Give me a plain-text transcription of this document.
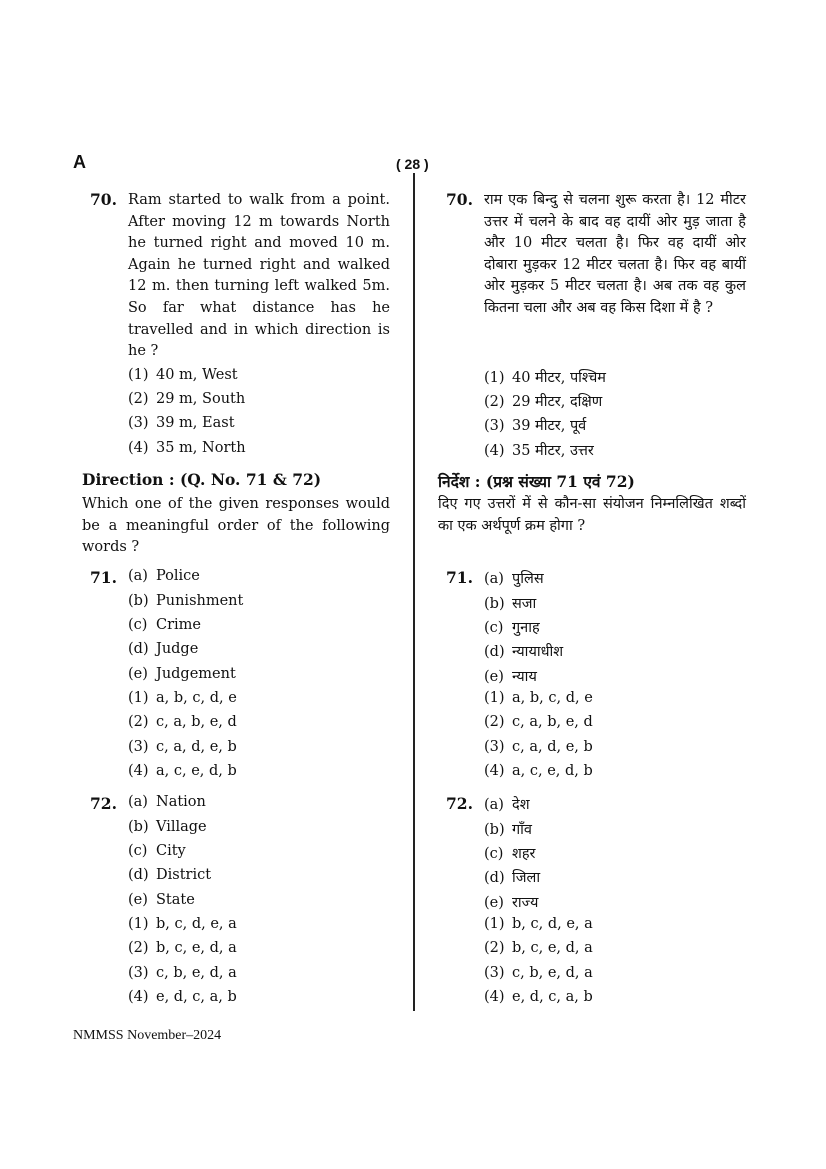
A	( 28 )
70. Ram started to walk from a point. After moving 12 m towards North he turned right and moved 10 m. Again he turned right and walked 12 m. then turning left walked 5m. So far what distance has he travelled and in which direction is he ?
(1) 40 m, West
(2) 29 m, South
(3) 39 m, East
(4) 35 m, North
Direction : (Q. No. 71 & 72)
Which one of the given responses would be a meaningful order of the following words ?
71. (a) Police
(b) Punishment
(c) Crime
(d) Judge
(e) Judgement
(1) a, b, c, d, e
(2) c, a, b, e, d
(3) c, a, d, e, b
(4) a, c, e, d, b
72. (a) Nation
(b) Village
(c) City
(d) District
(e) State
(1) b, c, d, e, a
(2) b, c, e, d, a
(3) c, b, e, d, a
(4) e, d, c, a, b
70. राम एक बिन्दु से चलना शुरू करता है। 12 मीटर उत्तर में चलने के बाद वह दायीं ओर मुड़ जाता है और 10 मीटर चलता है। फिर वह दायीं ओर दोबारा मुड़कर 12 मीटर चलता है। फिर वह बायीं ओर मुड़कर 5 मीटर चलता है। अब तक वह कुल कितना चला और अब वह किस दिशा में है ?
(1) 40 मीटर, पश्चिम
(2) 29 मीटर, दक्षिण
(3) 39 मीटर, पूर्व
(4) 35 मीटर, उत्तर
निर्देश : (प्रश्न संख्या 71 एवं 72)
दिए गए उत्तरों में से कौन-सा संयोजन निम्नलिखित शब्दों का एक अर्थपूर्ण क्रम होगा ?
71. (a) पुलिस
(b) सजा
(c) गुनाह
(d) न्यायाधीश
(e) न्याय
(1) a, b, c, d, e
(2) c, a, b, e, d
(3) c, a, d, e, b
(4) a, c, e, d, b
72. (a) देश
(b) गाँव
(c) शहर
(d) जिला
(e) राज्य
(1) b, c, d, e, a
(2) b, c, e, d, a
(3) c, b, e, d, a
(4) e, d, c, a, b
NMMSS November–2024
